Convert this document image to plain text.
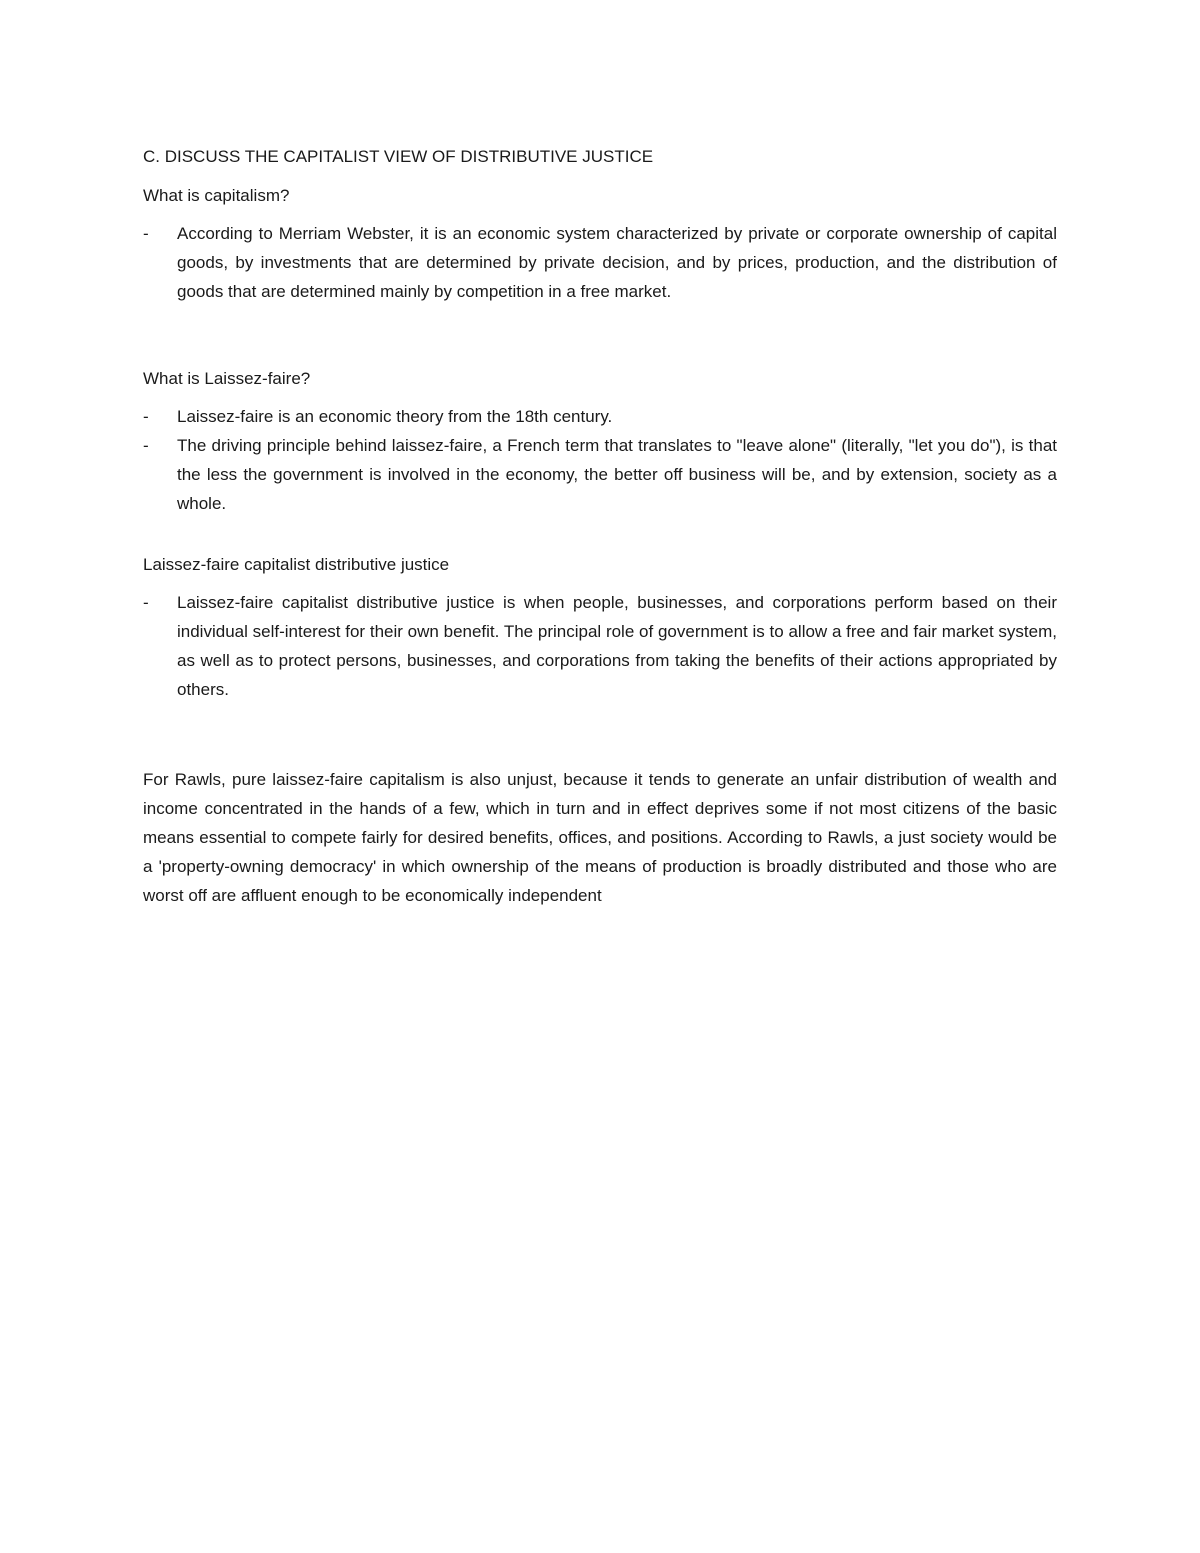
C. DISCUSS THE CAPITALIST VIEW OF DISTRIBUTIVE JUSTICE

What is capitalism?

-	According to Merriam Webster, it is an economic system characterized by private or corporate ownership of capital goods, by investments that are determined by private decision, and by prices, production, and the distribution of goods that are determined mainly by competition in a free market.

What is Laissez-faire?

-	Laissez-faire is an economic theory from the 18th century.
-	The driving principle behind laissez-faire, a French term that translates to "leave alone" (literally, "let you do"), is that the less the government is involved in the economy, the better off business will be, and by extension, society as a whole.

Laissez-faire capitalist distributive justice

-	Laissez-faire capitalist distributive justice is when people, businesses, and corporations perform based on their individual self-interest for their own benefit. The principal role of government is to allow a free and fair market system, as well as to protect persons, businesses, and corporations from taking the benefits of their actions appropriated by others.

For Rawls, pure laissez-faire capitalism is also unjust, because it tends to generate an unfair distribution of wealth and income concentrated in the hands of a few, which in turn and in effect deprives some if not most citizens of the basic means essential to compete fairly for desired benefits, offices, and positions. According to Rawls, a just society would be a 'property-owning democracy' in which ownership of the means of production is broadly distributed and those who are worst off are affluent enough to be economically independent
